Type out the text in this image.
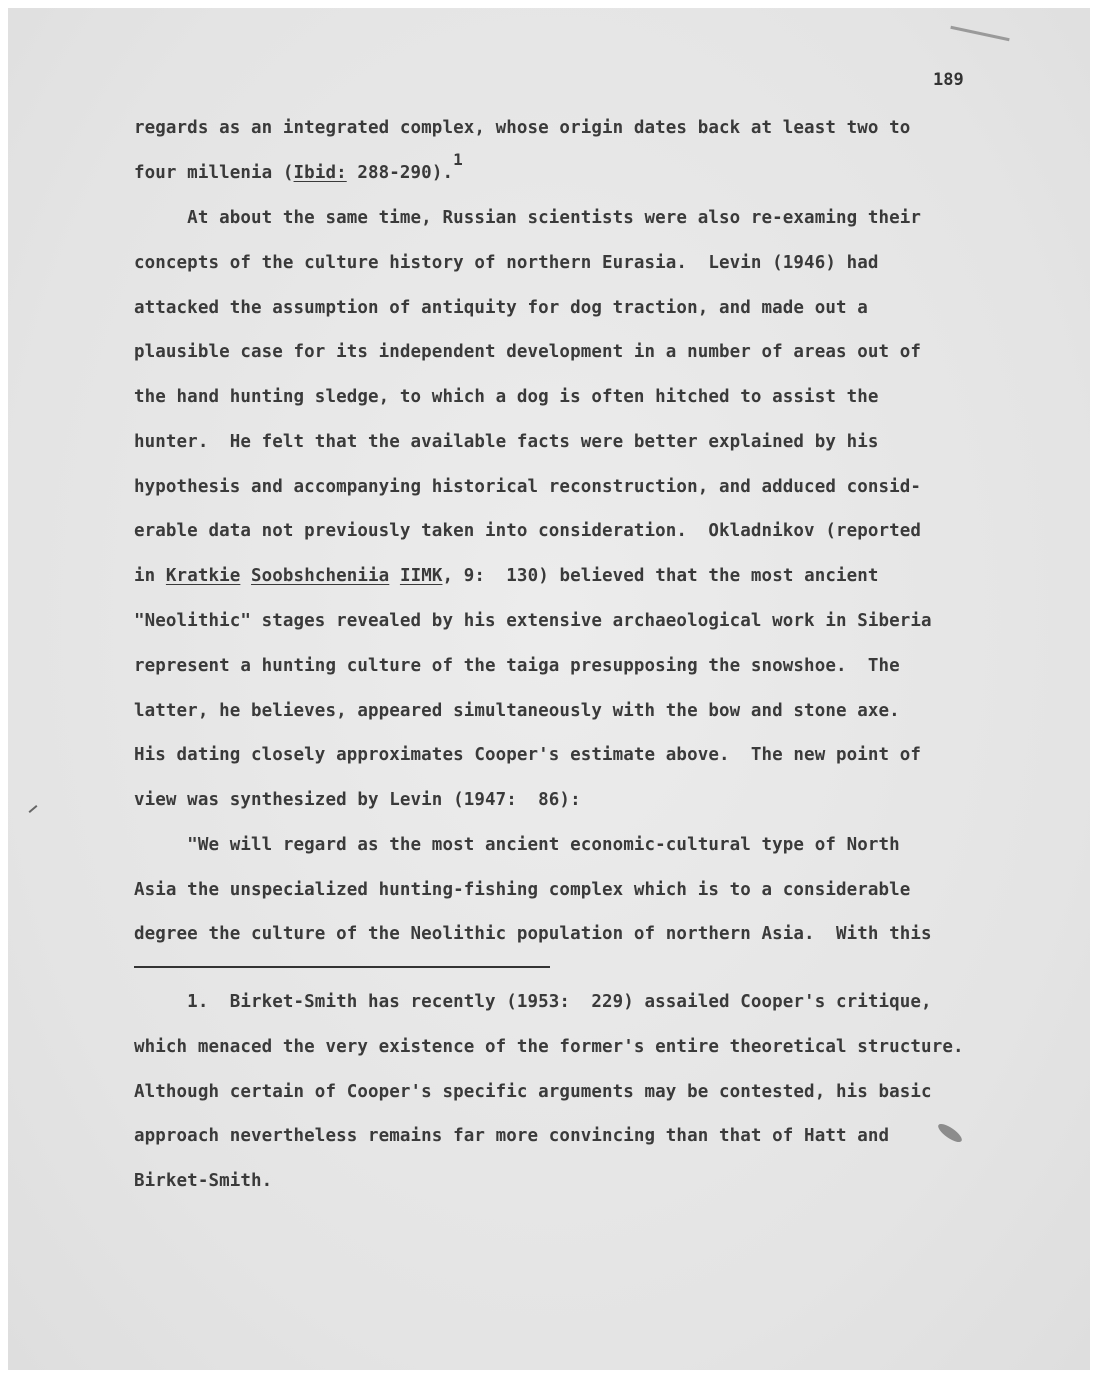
189

regards as an integrated complex, whose origin dates back at least two to

four millenia (Ibid: 288-290).1

At about the same time, Russian scientists were also re-examing their

concepts of the culture history of northern Eurasia.  Levin (1946) had

attacked the assumption of antiquity for dog traction, and made out a

plausible case for its independent development in a number of areas out of

the hand hunting sledge, to which a dog is often hitched to assist the

hunter.  He felt that the available facts were better explained by his

hypothesis and accompanying historical reconstruction, and adduced consid-

erable data not previously taken into consideration.  Okladnikov (reported

in Kratkie Soobshcheniia IIMK, 9:  130) believed that the most ancient

"Neolithic" stages revealed by his extensive archaeological work in Siberia

represent a hunting culture of the taiga presupposing the snowshoe.  The

latter, he believes, appeared simultaneously with the bow and stone axe.

His dating closely approximates Cooper's estimate above.  The new point of

view was synthesized by Levin (1947:  86):

"We will regard as the most ancient economic-cultural type of North

Asia the unspecialized hunting-fishing complex which is to a considerable

degree the culture of the Neolithic population of northern Asia.  With this

1.  Birket-Smith has recently (1953:  229) assailed Cooper's critique,

which menaced the very existence of the former's entire theoretical structure.

Although certain of Cooper's specific arguments may be contested, his basic

approach nevertheless remains far more convincing than that of Hatt and

Birket-Smith.
